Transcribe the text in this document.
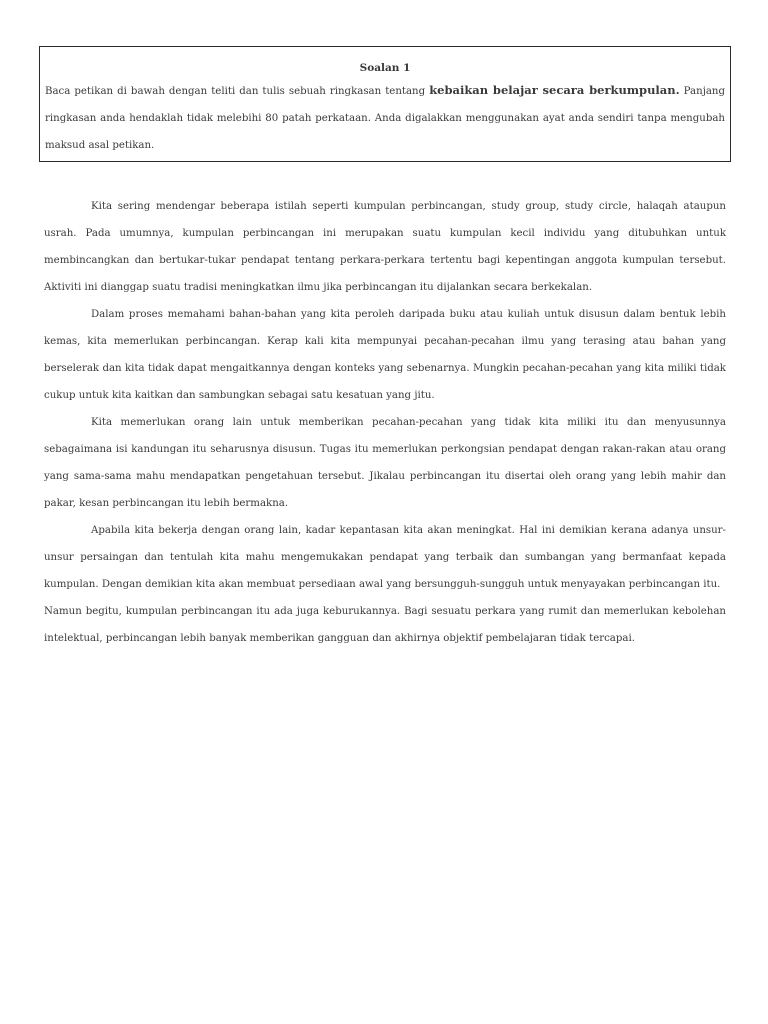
Soalan 1

Baca petikan di bawah dengan teliti dan tulis sebuah ringkasan tentang kebaikan belajar secara berkumpulan. Panjang ringkasan anda hendaklah tidak melebihi 80 patah perkataan. Anda digalakkan menggunakan ayat anda sendiri tanpa mengubah maksud asal petikan.

Kita sering mendengar beberapa istilah seperti kumpulan perbincangan, study group, study circle, halaqah ataupun usrah. Pada umumnya, kumpulan perbincangan ini merupakan suatu kumpulan kecil individu yang ditubuhkan untuk membincangkan dan bertukar-tukar pendapat tentang perkara-perkara tertentu bagi kepentingan anggota kumpulan tersebut. Aktiviti ini dianggap suatu tradisi meningkatkan ilmu jika perbincangan itu dijalankan secara berkekalan.

Dalam proses memahami bahan-bahan yang kita peroleh daripada buku atau kuliah untuk disusun dalam bentuk lebih kemas, kita memerlukan perbincangan. Kerap kali kita mempunyai pecahan-pecahan ilmu yang terasing atau bahan yang berselerak dan kita tidak dapat mengaitkannya dengan konteks yang sebenarnya. Mungkin pecahan-pecahan yang kita miliki tidak cukup untuk kita kaitkan dan sambungkan sebagai satu kesatuan yang jitu.

Kita memerlukan orang lain untuk memberikan pecahan-pecahan yang tidak kita miliki itu dan menyusunnya sebagaimana isi kandungan itu seharusnya disusun. Tugas itu memerlukan perkongsian pendapat dengan rakan-rakan atau orang yang sama-sama mahu mendapatkan pengetahuan tersebut. Jikalau perbincangan itu disertai oleh orang yang lebih mahir dan pakar, kesan perbincangan itu lebih bermakna.

Apabila kita bekerja dengan orang lain, kadar kepantasan kita akan meningkat. Hal ini demikian kerana adanya unsur-unsur persaingan dan tentulah kita mahu mengemukakan pendapat yang terbaik dan sumbangan yang bermanfaat kepada kumpulan. Dengan demikian kita akan membuat persediaan awal yang bersungguh-sungguh untuk menyayakan perbincangan itu.

Namun begitu, kumpulan perbincangan itu ada juga keburukannya. Bagi sesuatu perkara yang rumit dan memerlukan kebolehan intelektual, perbincangan lebih banyak memberikan gangguan dan akhirnya objektif pembelajaran tidak tercapai.
